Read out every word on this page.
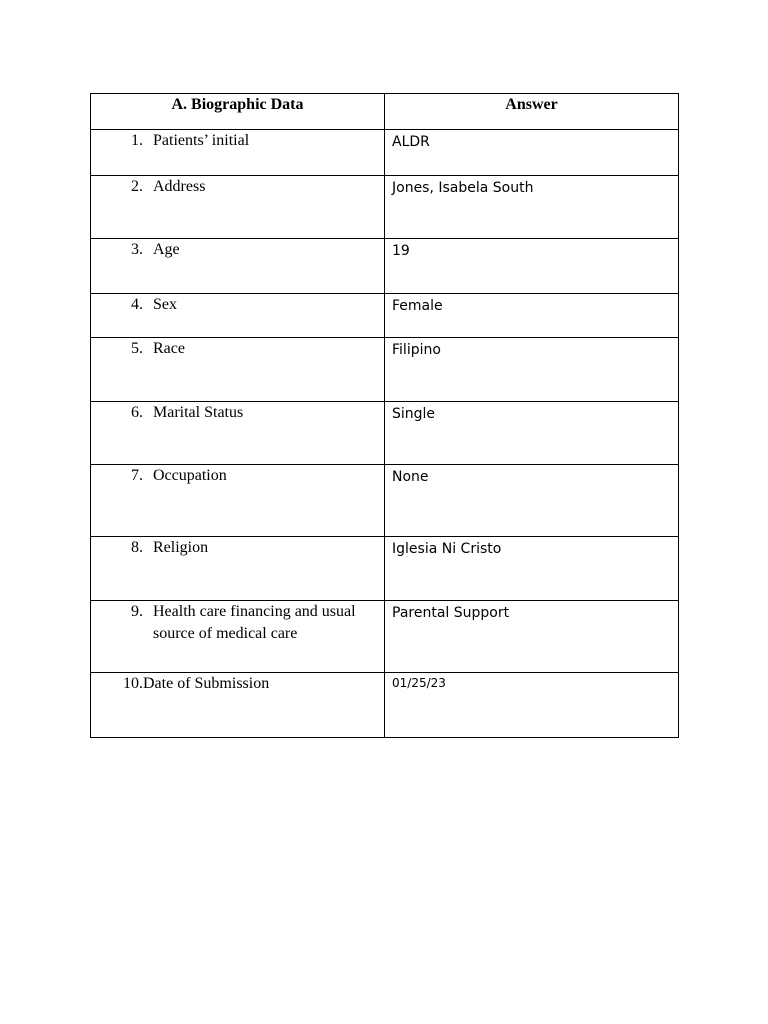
A. Biographic Data	Answer

1. Patients’ initial	ALDR

2. Address	Jones, Isabela South

3. Age	19

4. Sex	Female

5. Race	Filipino

6. Marital Status	Single

7. Occupation	None

8. Religion	Iglesia Ni Cristo

9. Health care financing and usual source of medical care	Parental Support

10. Date of Submission	01/25/23
